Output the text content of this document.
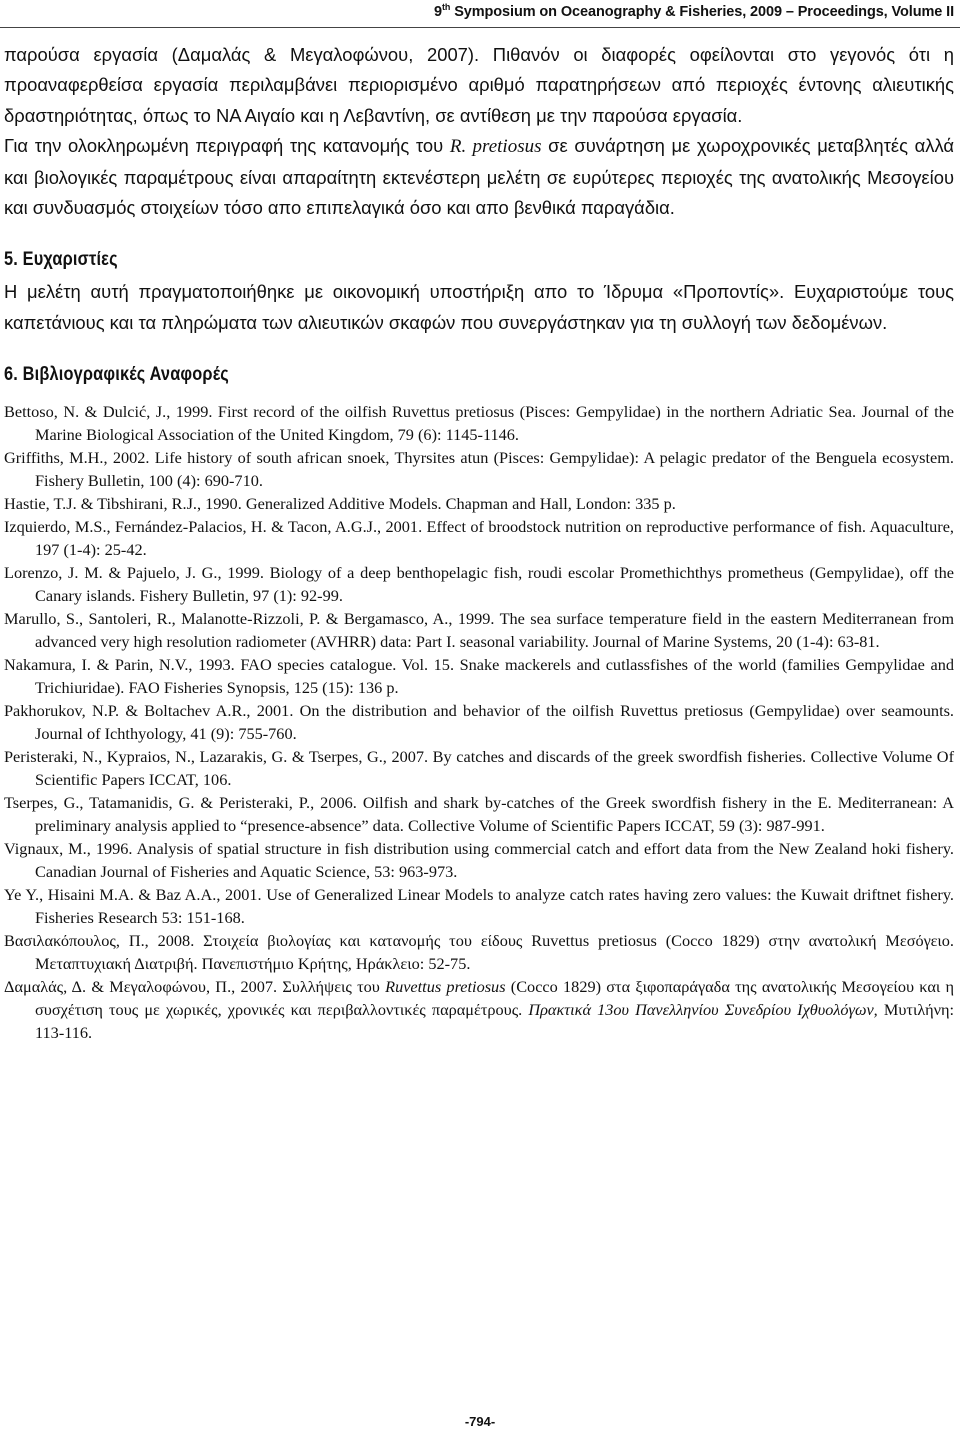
9th Symposium on Oceanography & Fisheries, 2009 – Proceedings, Volume II

παρούσα εργασία (Δαμαλάς & Μεγαλοφώνου, 2007). Πιθανόν οι διαφορές οφείλονται στο γεγονός ότι η προαναφερθείσα εργασία περιλαμβάνει περιορισμένο αριθμό παρατηρήσεων από περιοχές έντονης αλιευτικής δραστηριότητας, όπως το ΝΑ Αιγαίο και η Λεβαντίνη, σε αντίθεση με την παρούσα εργασία.

Για την ολοκληρωμένη περιγραφή της κατανομής του R. pretiosus σε συνάρτηση με χωροχρονικές μεταβλητές αλλά και βιολογικές παραμέτρους είναι απαραίτητη εκτενέστερη μελέτη σε ευρύτερες περιοχές της ανατολικής Μεσογείου και συνδυασμός στοιχείων τόσο απο επιπελαγικά όσο και απο βενθικά παραγάδια.

5. Ευχαριστίες

Η μελέτη αυτή πραγματοποιήθηκε με οικονομική υποστήριξη απο το Ίδρυμα «Προποντίς». Ευχαριστούμε τους καπετάνιους και τα πληρώματα των αλιευτικών σκαφών που συνεργάστηκαν για τη συλλογή των δεδομένων.

6. Βιβλιογραφικές Αναφορές

Bettoso, N. & Dulcić, J., 1999. First record of the oilfish Ruvettus pretiosus (Pisces: Gempylidae) in the northern Adriatic Sea. Journal of the Marine Biological Association of the United Kingdom, 79 (6): 1145-1146.

Griffiths, M.H., 2002. Life history of south african snoek, Thyrsites atun (Pisces: Gempylidae): A pelagic predator of the Benguela ecosystem. Fishery Bulletin, 100 (4): 690-710.

Hastie, T.J. & Tibshirani, R.J., 1990. Generalized Additive Models. Chapman and Hall, London: 335 p.

Izquierdo, M.S., Fernández-Palacios, H. & Tacon, A.G.J., 2001. Effect of broodstock nutrition on reproductive performance of fish. Aquaculture, 197 (1-4): 25-42.

Lorenzo, J. M. & Pajuelo, J. G., 1999. Biology of a deep benthopelagic fish, roudi escolar Promethichthys prometheus (Gempylidae), off the Canary islands. Fishery Bulletin, 97 (1): 92-99.

Marullo, S., Santoleri, R., Malanotte-Rizzoli, P. & Bergamasco, A., 1999. The sea surface temperature field in the eastern Mediterranean from advanced very high resolution radiometer (AVHRR) data: Part I. seasonal variability. Journal of Marine Systems, 20 (1-4): 63-81.

Nakamura, I. & Parin, N.V., 1993. FAO species catalogue. Vol. 15. Snake mackerels and cutlassfishes of the world (families Gempylidae and Trichiuridae). FAO Fisheries Synopsis, 125 (15): 136 p.

Pakhorukov, N.P. & Boltachev A.R., 2001. On the distribution and behavior of the oilfish Ruvettus pretiosus (Gempylidae) over seamounts. Journal of Ichthyology, 41 (9): 755-760.

Peristeraki, N., Kypraios, N., Lazarakis, G. & Tserpes, G., 2007. By catches and discards of the greek swordfish fisheries. Collective Volume Of Scientific Papers ICCAT, 106.

Tserpes, G., Tatamanidis, G. & Peristeraki, P., 2006. Oilfish and shark by-catches of the Greek swordfish fishery in the E. Mediterranean: A preliminary analysis applied to “presence-absence” data. Collective Volume of Scientific Papers ICCAT, 59 (3): 987-991.

Vignaux, M., 1996. Analysis of spatial structure in fish distribution using commercial catch and effort data from the New Zealand hoki fishery. Canadian Journal of Fisheries and Aquatic Science, 53: 963-973.

Ye Y., Hisaini M.A. & Baz A.A., 2001. Use of Generalized Linear Models to analyze catch rates having zero values: the Kuwait driftnet fishery. Fisheries Research 53: 151-168.

Βασιλακόπουλος, Π., 2008. Στοιχεία βιολογίας και κατανομής του είδους Ruvettus pretiosus (Cocco 1829) στην ανατολική Μεσόγειο. Μεταπτυχιακή Διατριβή. Πανεπιστήμιο Κρήτης, Ηράκλειο: 52-75.

Δαμαλάς, Δ. & Μεγαλοφώνου, Π., 2007. Συλλήψεις του Ruvettus pretiosus (Cocco 1829) στα ξιφοπαράγαδα της ανατολικής Μεσογείου και η συσχέτιση τους με χωρικές, χρονικές και περιβαλλοντικές παραμέτρους. Πρακτικά 13ου Πανελληνίου Συνεδρίου Ιχθυολόγων, Μυτιλήνη: 113-116.

-794-
